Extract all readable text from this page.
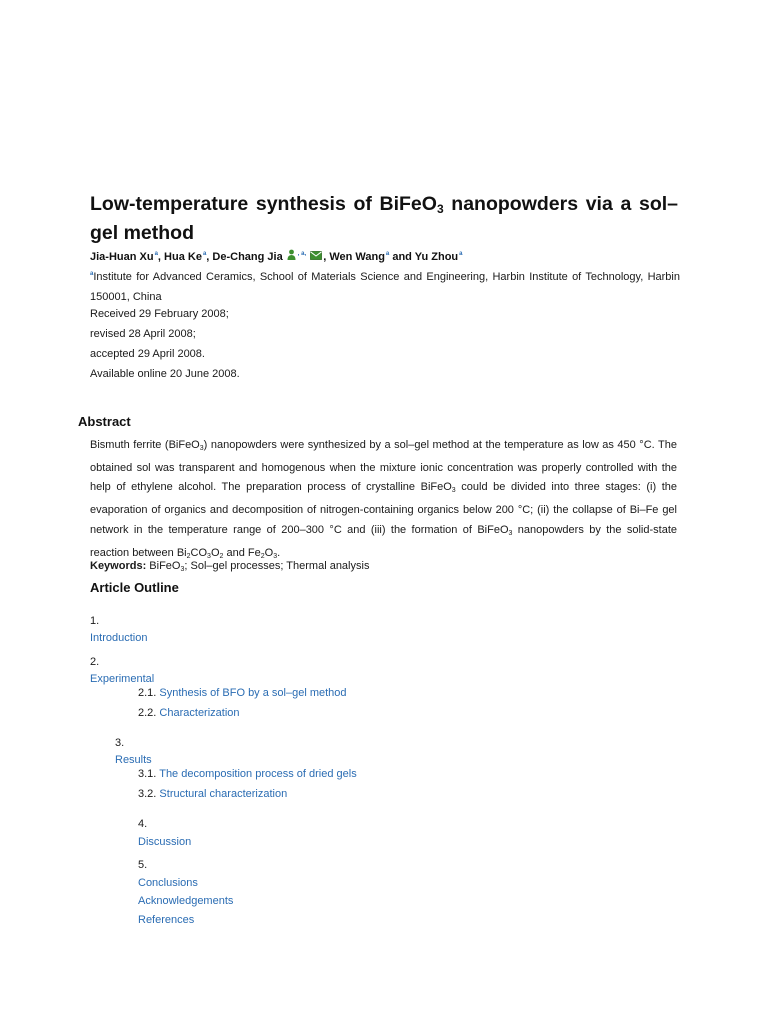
Low-temperature synthesis of BiFeO$_3$ nanopowders via a sol–gel method
Jia-Huan Xu$^a$, Hua Ke$^a$, De-Chang Jia	$^{, a,}$ , Wen Wang$^a$ and Yu Zhou$^a$
$^a$Institute for Advanced Ceramics, School of Materials Science and Engineering, Harbin Institute of Technology, Harbin 150001, China
Received 29 February 2008;
revised 28 April 2008;
accepted 29 April 2008.
Available online 20 June 2008.
Abstract
Bismuth ferrite (BiFeO$_3$) nanopowders were synthesized by a sol–gel method at the temperature as low as 450 °C. The obtained sol was transparent and homogenous when the mixture ionic concentration was properly controlled with the help of ethylene alcohol. The preparation process of crystalline BiFeO$_3$ could be divided into three stages: (i) the evaporation of organics and decomposition of nitrogen-containing organics below 200 °C; (ii) the collapse of Bi–Fe gel network in the temperature range of 200–300 °C and (iii) the formation of BiFeO$_3$ nanopowders by the solid-state reaction between $Bi_2CO_3O_2$ and $Fe_2O_3$.
Keywords: BiFeO$_3$; Sol–gel processes; Thermal analysis
Article Outline
1.
Introduction
2.
Experimental
2.1. Synthesis of BFO by a sol–gel method
2.2. Characterization
3.
Results
3.1. The decomposition process of dried gels
3.2. Structural characterization
4.
Discussion
5.
Conclusions
Acknowledgements
References
